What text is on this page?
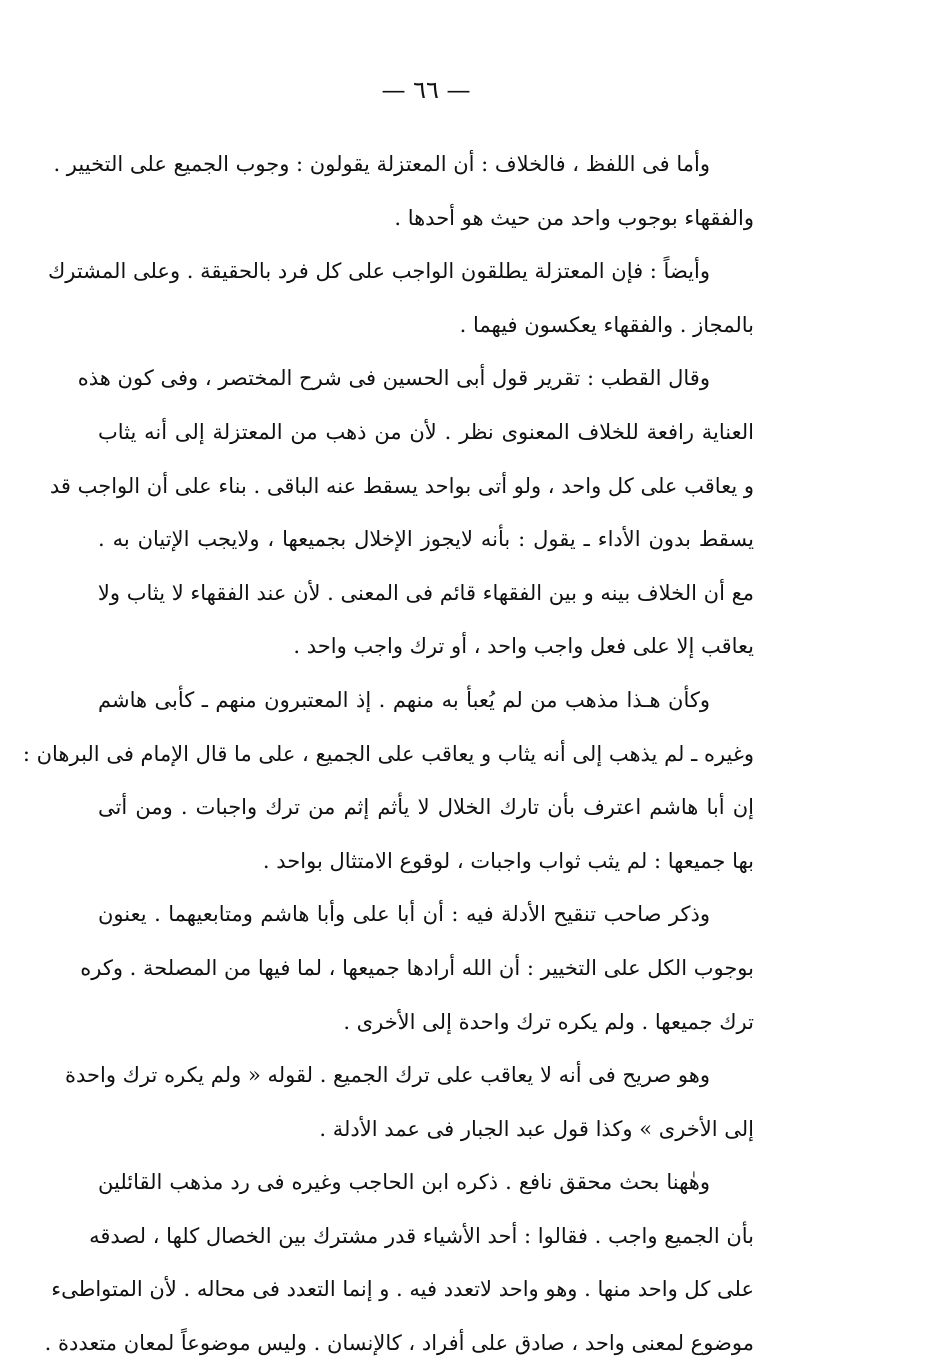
— ٦٦ —
وأما فى اللفظ ، فالخلاف : أن المعتزلة يقولون : وجوب الجميع على التخيير .
والفقهاء بوجوب واحد من حيث هو أحدها .
وأيضاً : فإن المعتزلة يطلقون الواجب على كل فرد بالحقيقة . وعلى المشترك
بالمجاز . والفقهاء يعكسون فيهما .
وقال القطب : تقرير قول أبى الحسين فى شرح المختصر ، وفى كون هذه
العناية رافعة للخلاف المعنوى نظر . لأن من ذهب من المعتزلة إلى أنه يثاب
و يعاقب على كل واحد ، ولو أتى بواحد يسقط عنه الباقى . بناء على أن الواجب قد
يسقط بدون الأداء ـ يقول : بأنه لايجوز الإخلال بجميعها ، ولايجب الإتيان به .
مع أن الخلاف بينه و بين الفقهاء قائم فى المعنى . لأن عند الفقهاء لا يثاب ولا
يعاقب إلا على فعل واجب واحد ، أو ترك واجب واحد .
وكأن هـذا مذهب من لم يُعبأ به منهم . إذ المعتبرون منهم ـ كأبى هاشم
وغيره ـ لم يذهب إلى أنه يثاب و يعاقب على الجميع ، على ما قال الإمام فى البرهان :
إن أبا هاشم اعترف بأن تارك الخلال لا يأثم إثم من ترك واجبات . ومن أتى
بها جميعها : لم يثب ثواب واجبات ، لوقوع الامتثال بواحد .
وذكر صاحب تنقيح الأدلة فيه : أن أبا على وأبا هاشم ومتابعيهما . يعنون
بوجوب الكل على التخيير : أن الله أرادها جميعها ، لما فيها من المصلحة . وكره
ترك جميعها . ولم يكره ترك واحدة إلى الأخرى .
وهو صريح فى أنه لا يعاقب على ترك الجميع . لقوله « ولم يكره ترك واحدة
إلى الأخرى » وكذا قول عبد الجبار فى عمد الأدلة .
وهٰهنا بحث محقق نافع . ذكره ابن الحاجب وغيره فى رد مذهب القائلين
بأن الجميع واجب . فقالوا : أحد الأشياء قدر مشترك بين الخصال كلها ، لصدقه
على كل واحد منها . وهو واحد لاتعدد فيه . و إنما التعدد فى محاله . لأن المتواطىء
موضوع لمعنى واحد ، صادق على أفراد ، كالإنسان . وليس موضوعاً لمعان متعددة .
